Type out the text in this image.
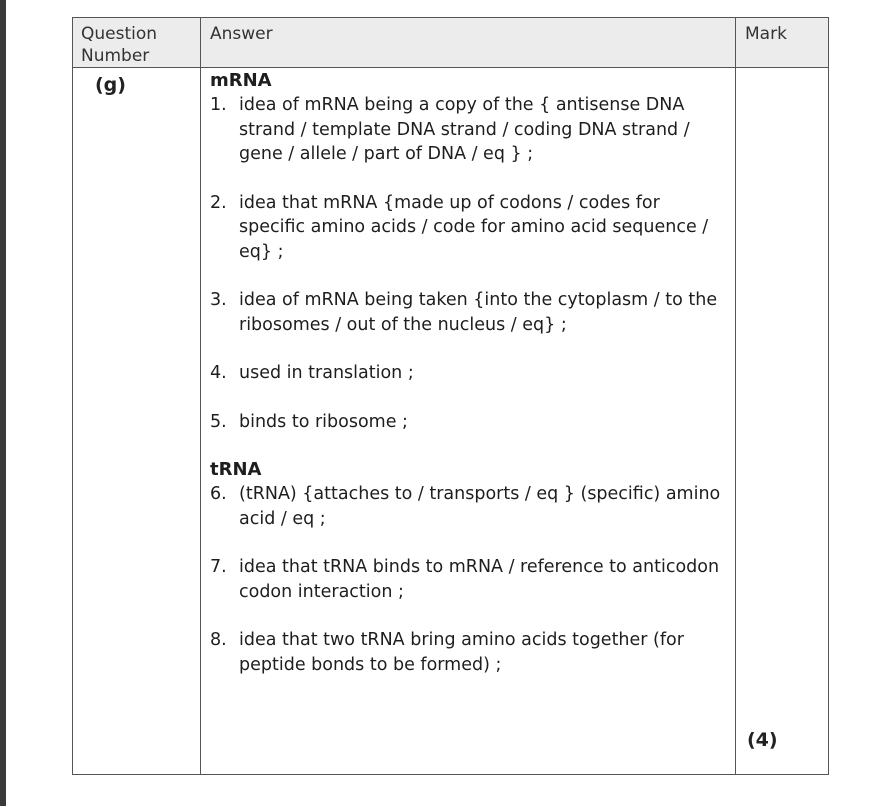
Question Number
Answer	Mark
(g)	mRNA
1. idea of mRNA being a copy of the { antisense DNA strand / template DNA strand / coding DNA strand / gene / allele / part of DNA / eq } ;
2. idea that mRNA {made up of codons / codes for specific amino acids / code for amino acid sequence / eq} ;
3. idea of mRNA being taken {into the cytoplasm / to the ribosomes / out of the nucleus / eq} ;
4. used in translation ;
5. binds to ribosome ;
tRNA
6. (tRNA) {attaches to / transports / eq } (specific) amino acid / eq ;
7. idea that tRNA binds to mRNA / reference to anticodon codon interaction ;
8. idea that two tRNA bring amino acids together (for peptide bonds to be formed) ;
(4)
